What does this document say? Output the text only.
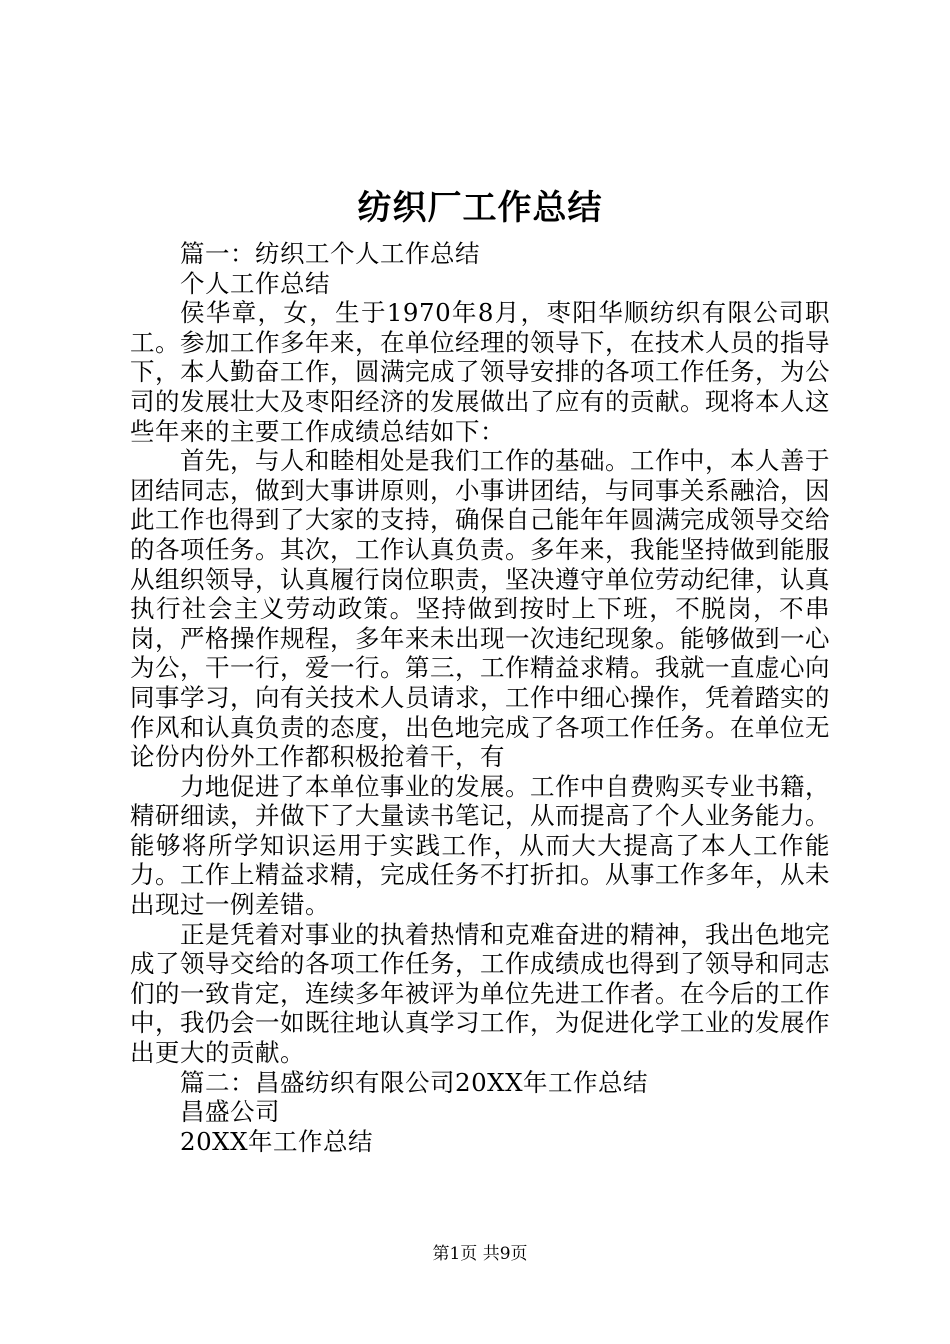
纺织厂工作总结

篇一：纺织工个人工作总结

个人工作总结

侯华章，女，生于1970年8月，枣阳华顺纺织有限公司职工。参加工作多年来，在单位经理的领导下，在技术人员的指导下，本人勤奋工作，圆满完成了领导安排的各项工作任务，为公司的发展壮大及枣阳经济的发展做出了应有的贡献。现将本人这些年来的主要工作成绩总结如下：

首先，与人和睦相处是我们工作的基础。工作中，本人善于团结同志，做到大事讲原则，小事讲团结，与同事关系融洽，因此工作也得到了大家的支持，确保自己能年年圆满完成领导交给的各项任务。其次，工作认真负责。多年来，我能坚持做到能服从组织领导，认真履行岗位职责，坚决遵守单位劳动纪律，认真执行社会主义劳动政策。坚持做到按时上下班，不脱岗，不串岗，严格操作规程，多年来未出现一次违纪现象。能够做到一心为公，干一行，爱一行。第三，工作精益求精。我就一直虚心向同事学习，向有关技术人员请求，工作中细心操作，凭着踏实的作风和认真负责的态度，出色地完成了各项工作任务。在单位无论份内份外工作都积极抢着干，有

力地促进了本单位事业的发展。工作中自费购买专业书籍，精研细读，并做下了大量读书笔记，从而提高了个人业务能力。能够将所学知识运用于实践工作，从而大大提高了本人工作能力。工作上精益求精，完成任务不打折扣。从事工作多年，从未出现过一例差错。

正是凭着对事业的执着热情和克难奋进的精神，我出色地完成了领导交给的各项工作任务，工作成绩成也得到了领导和同志们的一致肯定，连续多年被评为单位先进工作者。在今后的工作中，我仍会一如既往地认真学习工作，为促进化学工业的发展作出更大的贡献。

篇二：昌盛纺织有限公司20XX年工作总结

昌盛公司

20XX年工作总结

第1页 共9页
